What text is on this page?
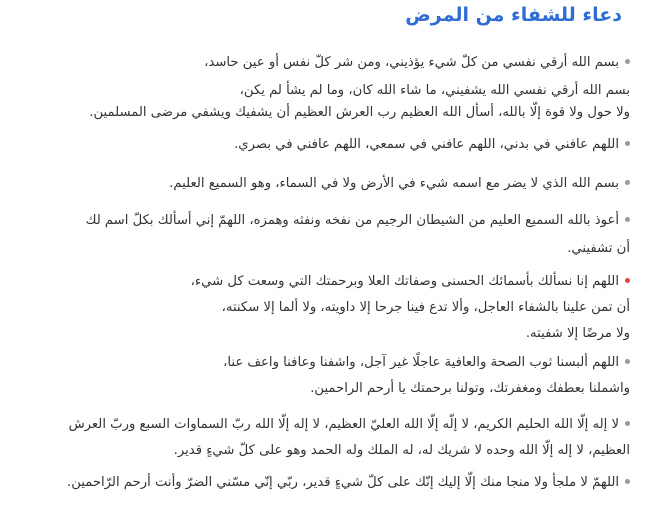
دعاء للشفاء من المرض
بسم الله أرقي نفسي من كلّ شيء يؤذيني، ومن شر كلّ نفس أو عين حاسد،
بسم الله أرقي نفسي الله يشفيني، ما شاء الله كان، وما لم يشأ لم يكن،
ولا حول ولا قوة إلّا بالله، أسأل الله العظيم رب العرش العظيم أن يشفيك ويشفي مرضى المسلمين.
اللهم عافني في بدني، اللهم عافني في سمعي، اللهم عافني في بصري.
بسم الله الذي لا يضر مع اسمه شيء في الأرض ولا في السماء، وهو السميع العليم.
أعوذ بالله السميع العليم من الشيطان الرجيم من نفخه ونفثه وهمزه، اللهمّ إني أسألك بكلّ اسم لك
أن تشفيني.
اللهم إنا نسألك بأسمائك الحسنى وصفاتك العلا وبرحمتك التي وسعت كل شيء،
أن تمن علينا بالشفاء العاجل، وألا تدع فينا جرحا إلا داويته، ولا ألما إلا سكنته،
ولا مرضًا إلا شفيته.
اللهم ألبسنا ثوب الصحة والعافية عاجلًا غير آجل، واشفنا وعافنا واعف عنا،
واشملنا بعطفك ومغفرتك، وتولنا برحمتك يا أرحم الراحمين.
لا إله إلّا الله الحليم الكريم، لا إلّه إلّا الله العليّ العظيم، لا إله إلّا الله ربّ السماوات السبع وربّ العرش
العظيم، لا إله إلّا الله وحده لا شريك له، له الملك وله الحمد وهو على كلّ شيءٍ قدير.
اللهمّ لا ملجأ ولا منجا منك إلّا إليك إنّك على كلّ شيءٍ قدير، ربّي إنّي مسّني الضرّ وأنت أرحم الرّاحمين.
